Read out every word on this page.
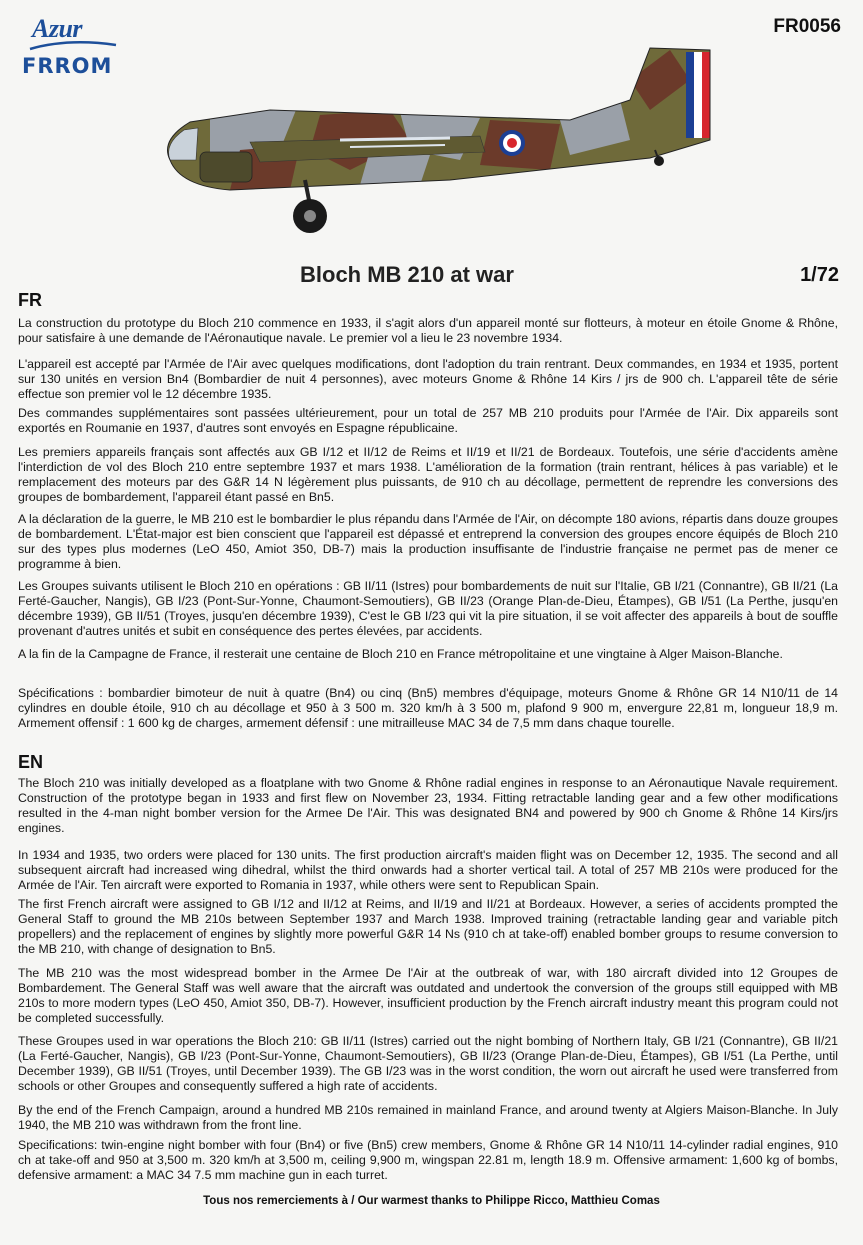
Azur
FRROM
FR0056
Bloch MB 210 at war	1/72
FR

La construction du prototype du Bloch 210 commence en 1933, il s'agit alors d'un appareil monté sur flotteurs, à moteur en étoile Gnome & Rhône, pour satisfaire à une demande de l'Aéronautique navale. Le premier vol a lieu le 23 novembre 1934.

L'appareil est accepté par l'Armée de l'Air avec quelques modifications, dont l'adoption du train rentrant. Deux commandes, en 1934 et 1935, portent sur 130 unités en version Bn4 (Bombardier de nuit 4 personnes), avec moteurs Gnome & Rhône 14 Kirs / jrs de 900 ch. L'appareil tête de série effectue son premier vol le 12 décembre 1935.

Des commandes supplémentaires sont passées ultérieurement, pour un total de 257 MB 210 produits pour l'Armée de l'Air. Dix appareils sont exportés en Roumanie en 1937, d'autres sont envoyés en Espagne républicaine.

Les premiers appareils français sont affectés aux GB I/12 et II/12 de Reims et II/19 et II/21 de Bordeaux. Toutefois, une série d'accidents amène l'interdiction de vol des Bloch 210 entre septembre 1937 et mars 1938. L'amélioration de la formation (train rentrant, hélices à pas variable) et le remplacement des moteurs par des G&R 14 N légèrement plus puissants, de 910 ch au décollage, permettent de reprendre les conversions des groupes de bombardement, l'appareil étant passé en Bn5.

A la déclaration de la guerre, le MB 210 est le bombardier le plus répandu dans l'Armée de l'Air, on décompte 180 avions, répartis dans douze groupes de bombardement. L'État-major est bien conscient que l'appareil est dépassé et entreprend la conversion des groupes encore équipés de Bloch 210 sur des types plus modernes (LeO 450, Amiot 350, DB-7) mais la production insuffisante de l'industrie française ne permet pas de mener ce programme à bien.

Les Groupes suivants utilisent le Bloch 210 en opérations : GB II/11 (Istres) pour bombardements de nuit sur l'Italie, GB I/21 (Connantre), GB II/21 (La Ferté-Gaucher, Nangis), GB I/23 (Pont-Sur-Yonne, Chaumont-Semoutiers), GB II/23 (Orange Plan-de-Dieu, Étampes), GB I/51 (La Perthe, jusqu'en décembre 1939), GB II/51 (Troyes, jusqu'en décembre 1939), C'est le GB I/23 qui vit la pire situation, il se voit affecter des appareils à bout de souffle provenant d'autres unités et subit en conséquence des pertes élevées, par accidents.

A la fin de la Campagne de France, il resterait une centaine de Bloch 210 en France métropolitaine et une vingtaine à Alger Maison-Blanche.

Spécifications : bombardier bimoteur de nuit à quatre (Bn4) ou cinq (Bn5) membres d'équipage, moteurs Gnome & Rhône GR 14 N10/11 de 14 cylindres en double étoile, 910 ch au décollage et 950 à 3 500 m. 320 km/h à 3 500 m, plafond 9 900 m, envergure 22,81 m, longueur 18,9 m. Armement offensif : 1 600 kg de charges, armement défensif : une mitrailleuse MAC 34 de 7,5 mm dans chaque tourelle.

EN

The Bloch 210 was initially developed as a floatplane with two Gnome & Rhône radial engines in response to an Aéronautique Navale requirement. Construction of the prototype began in 1933 and first flew on November 23, 1934. Fitting retractable landing gear and a few other modifications resulted in the 4-man night bomber version for the Armee De l'Air. This was designated BN4 and powered by 900 ch Gnome & Rhône 14 Kirs/jrs engines.

In 1934 and 1935, two orders were placed for 130 units. The first production aircraft's maiden flight was on December 12, 1935. The second and all subsequent aircraft had increased wing dihedral, whilst the third onwards had a shorter vertical tail. A total of 257 MB 210s were produced for the Armée de l'Air. Ten aircraft were exported to Romania in 1937, while others were sent to Republican Spain.

The first French aircraft were assigned to GB I/12 and II/12 at Reims, and II/19 and II/21 at Bordeaux. However, a series of accidents prompted the General Staff to ground the MB 210s between September 1937 and March 1938. Improved training (retractable landing gear and variable pitch propellers) and the replacement of engines by slightly more powerful G&R 14 Ns (910 ch at take-off) enabled bomber groups to resume conversion to the MB 210, with change of designation to Bn5.

The MB 210 was the most widespread bomber in the Armee De l'Air at the outbreak of war, with 180 aircraft divided into 12 Groupes de Bombardement. The General Staff was well aware that the aircraft was outdated and undertook the conversion of the groups still equipped with MB 210s to more modern types (LeO 450, Amiot 350, DB-7). However, insufficient production by the French aircraft industry meant this program could not be completed successfully.

These Groupes used in war operations the Bloch 210: GB II/11 (Istres) carried out the night bombing of Northern Italy, GB I/21 (Connantre), GB II/21 (La Ferté-Gaucher, Nangis), GB I/23 (Pont-Sur-Yonne, Chaumont-Semoutiers), GB II/23 (Orange Plan-de-Dieu, Étampes), GB I/51 (La Perthe, until December 1939), GB II/51 (Troyes, until December 1939). The GB I/23 was in the worst condition, the worn out aircraft he used were transferred from schools or other Groupes and consequently suffered a high rate of accidents.

By the end of the French Campaign, around a hundred MB 210s remained in mainland France, and around twenty at Algiers Maison-Blanche. In July 1940, the MB 210 was withdrawn from the front line.

Specifications: twin-engine night bomber with four (Bn4) or five (Bn5) crew members, Gnome & Rhône GR 14 N10/11 14-cylinder radial engines, 910 ch at take-off and 950 at 3,500 m. 320 km/h at 3,500 m, ceiling 9,900 m, wingspan 22.81 m, length 18.9 m. Offensive armament: 1,600 kg of bombs, defensive armament: a MAC 34 7.5 mm machine gun in each turret.

Tous nos remerciements à / Our warmest thanks to Philippe Ricco, Matthieu Comas
